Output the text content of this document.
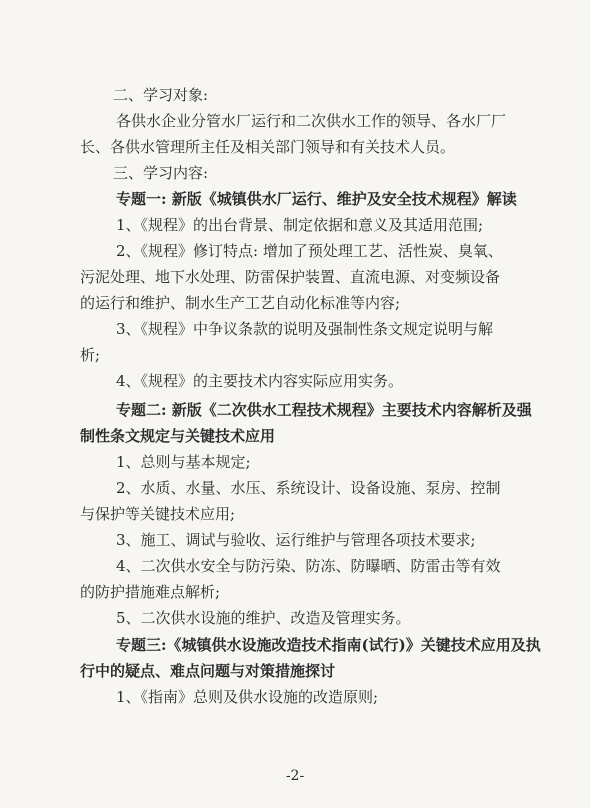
二、学习对象:
各供水企业分管水厂运行和二次供水工作的领导、各水厂厂
长、各供水管理所主任及相关部门领导和有关技术人员。
三、学习内容:
专题一: 新版《城镇供水厂运行、维护及安全技术规程》解读
1、《规程》的出台背景、制定依据和意义及其适用范围;
2、《规程》修订特点: 增加了预处理工艺、活性炭、臭氧、
污泥处理、地下水处理、防雷保护装置、直流电源、对变频设备
的运行和维护、制水生产工艺自动化标准等内容;
3、《规程》中争议条款的说明及强制性条文规定说明与解
析;
4、《规程》的主要技术内容实际应用实务。
专题二: 新版《二次供水工程技术规程》主要技术内容解析及强
制性条文规定与关键技术应用
1、总则与基本规定;
2、水质、水量、水压、系统设计、设备设施、泵房、控制
与保护等关键技术应用;
3、施工、调试与验收、运行维护与管理各项技术要求;
4、二次供水安全与防污染、防冻、防曝晒、防雷击等有效
的防护措施难点解析;
5、二次供水设施的维护、改造及管理实务。
专题三:《城镇供水设施改造技术指南(试行)》关键技术应用及执
行中的疑点、难点问题与对策措施探讨
1、《指南》总则及供水设施的改造原则;
-2-
